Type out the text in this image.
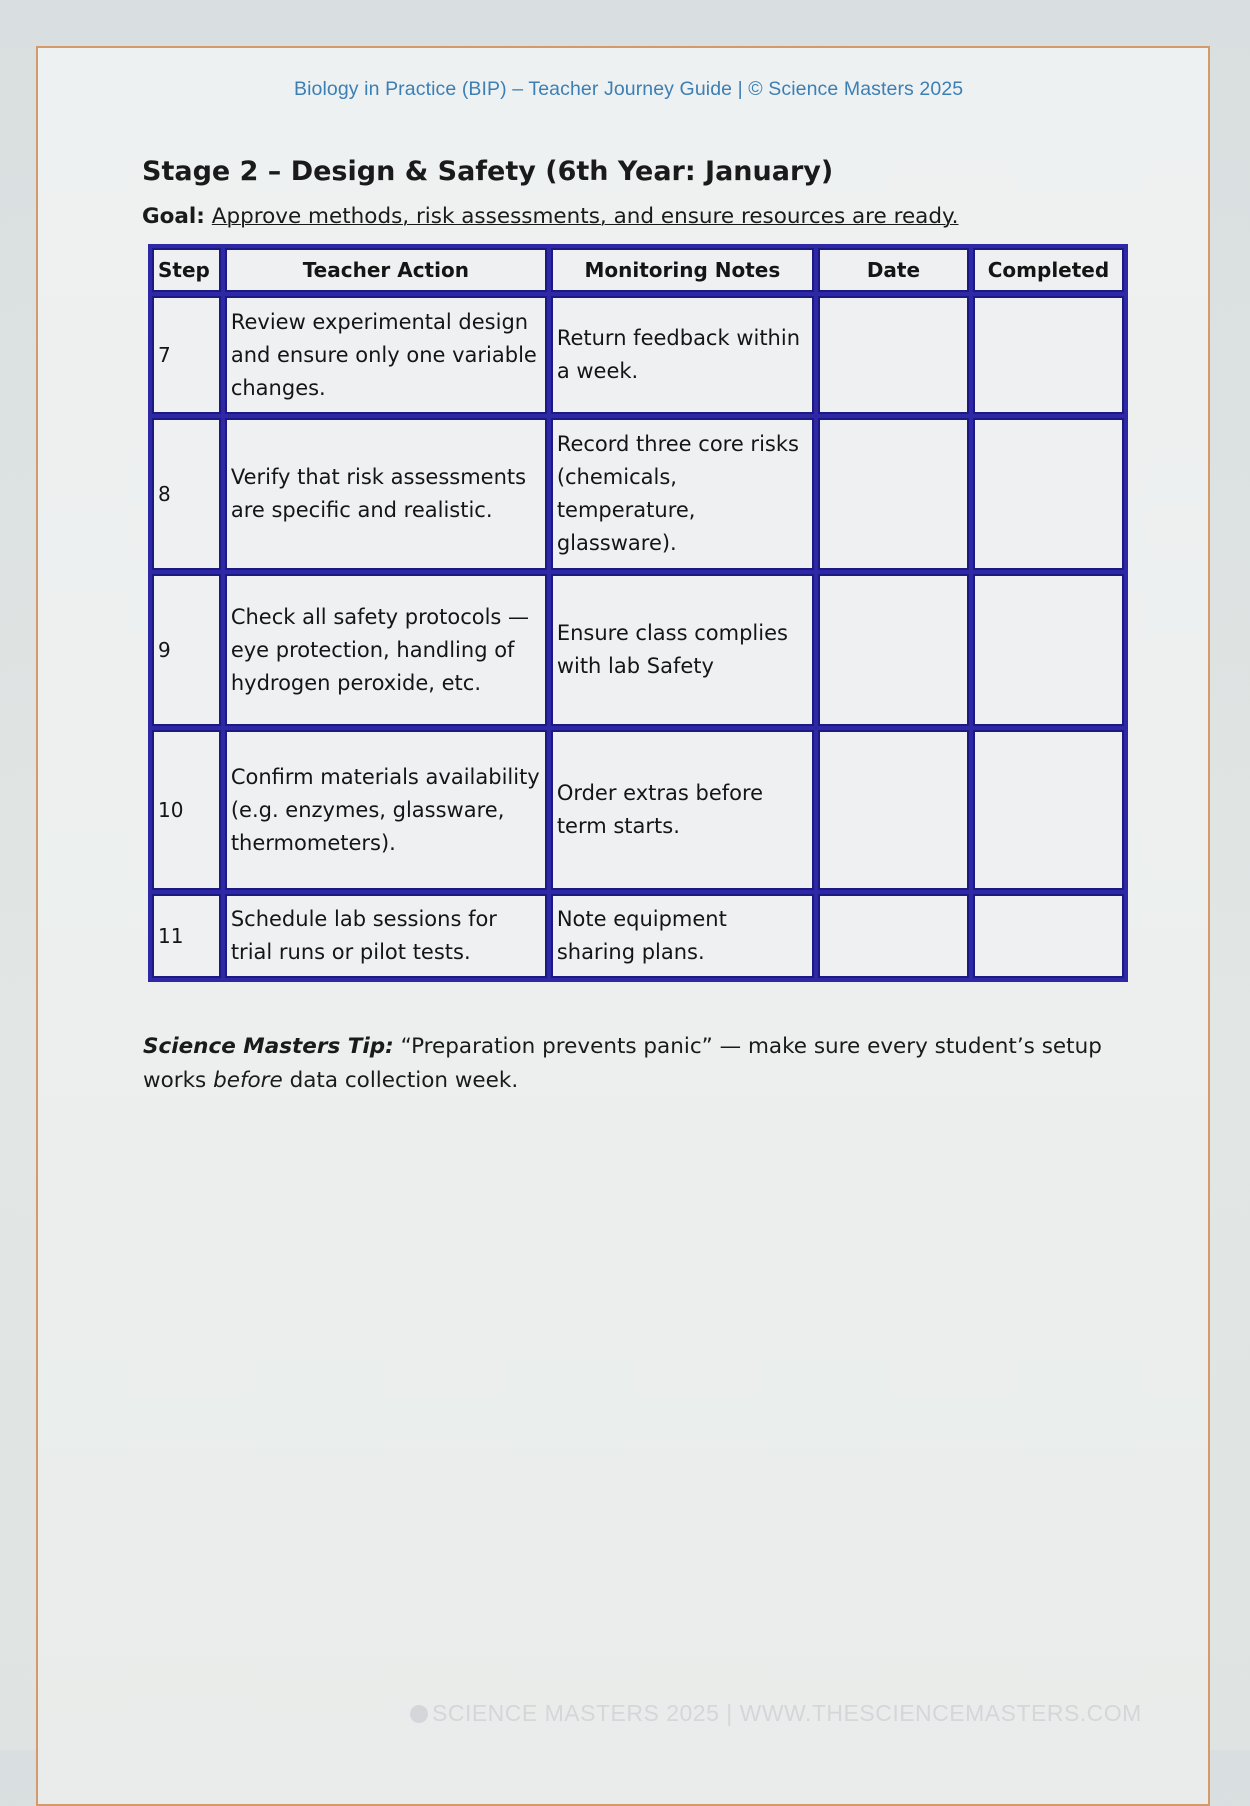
Biology in Practice (BIP) – Teacher Journey Guide | © Science Masters 2025
Stage 2 – Design & Safety (6th Year: January)
Goal: Approve methods, risk assessments, and ensure resources are ready.
Step	Teacher Action	Monitoring Notes	Date	Completed
7	Review experimental design and ensure only one variable changes.	Return feedback within a week.		
8	Verify that risk assessments are specific and realistic.	Record three core risks (chemicals, temperature, glassware).		
9	Check all safety protocols — eye protection, handling of hydrogen peroxide, etc.	Ensure class complies with lab Safety		
10	Confirm materials availability (e.g. enzymes, glassware, thermometers).	Order extras before term starts.		
11	Schedule lab sessions for trial runs or pilot tests.	Note equipment sharing plans.		
Science Masters Tip: “Preparation prevents panic” — make sure every student’s setup works before data collection week.
SCIENCE MASTERS 2025 | WWW.THESCIENCEMASTERS.COM
